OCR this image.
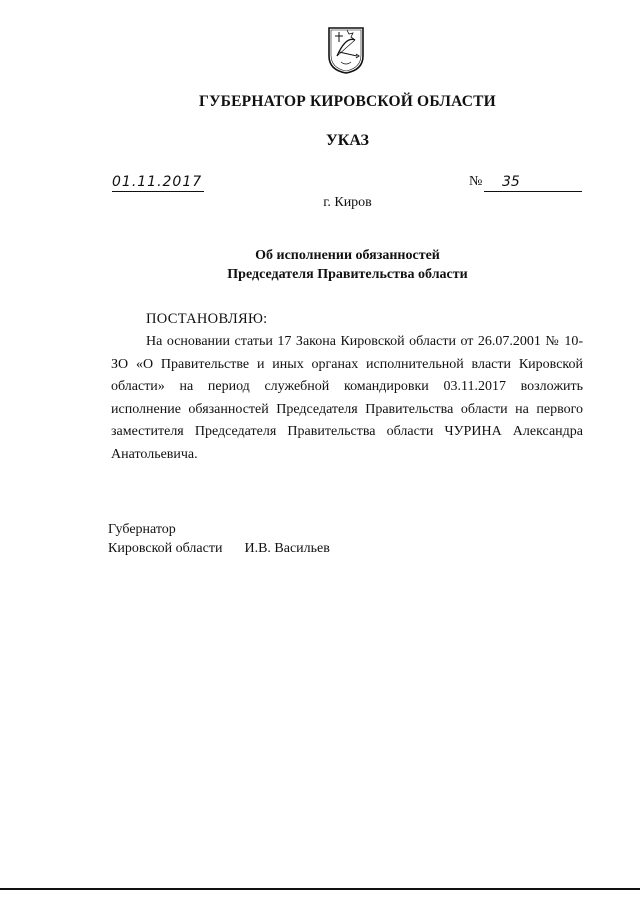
ГУБЕРНАТОР КИРОВСКОЙ ОБЛАСТИ
УКАЗ
01.11.2017	№	35
г. Киров
Об исполнении обязанностей
Председателя Правительства области
ПОСТАНОВЛЯЮ:

На основании статьи 17 Закона Кировской области от 26.07.2001 № 10-ЗО «О Правительстве и иных органах исполнительной власти Кировской области» на период служебной командировки 03.11.2017 возложить исполнение обязанностей Председателя Правительства области на первого заместителя Председателя Правительства области ЧУРИНА Александра Анатольевича.

Губернатор
Кировской области И.В. Васильев
